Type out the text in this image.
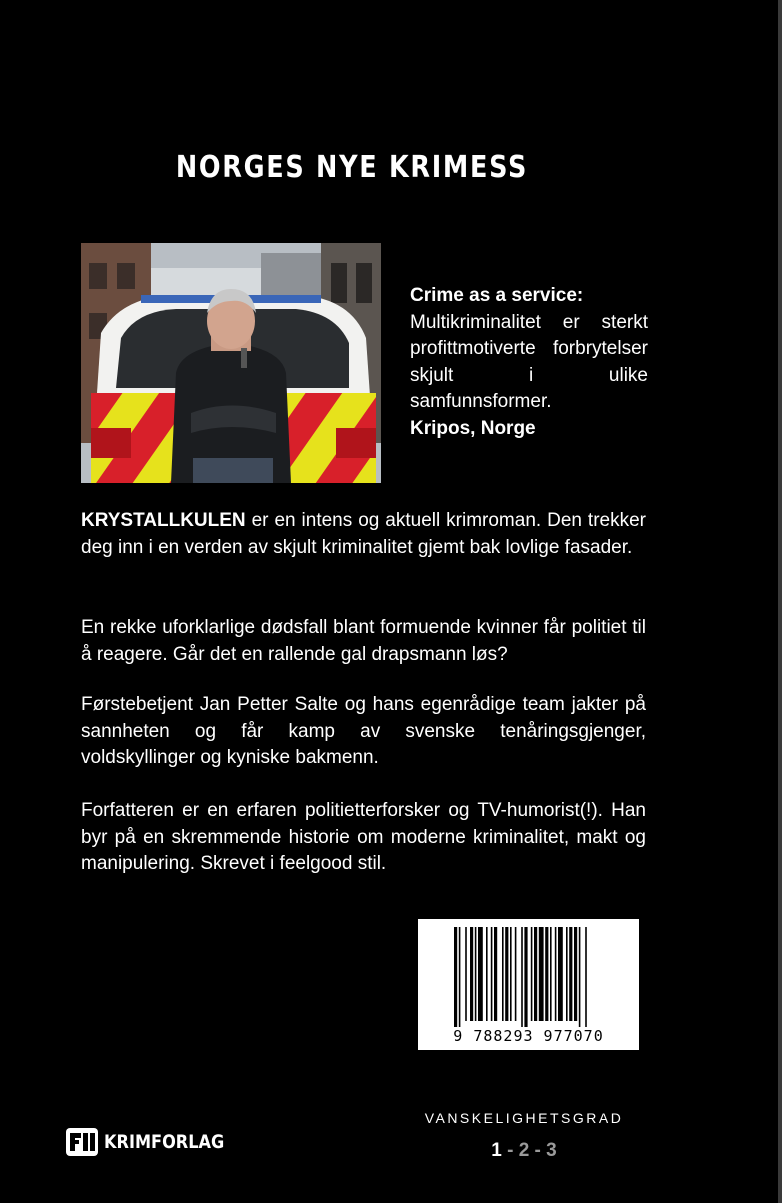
NORGES NYE KRIMESS
Crime as a service:
Multikriminalitet er sterkt profittmotiverte forbrytelser skjult i ulike samfunnsformer.
Kripos, Norge
KRYSTALLKULEN er en intens og aktuell krimroman. Den trekker deg inn i en verden av skjult kriminalitet gjemt bak lovlige fasader.
En rekke uforklarlige dødsfall blant formuende kvinner får politiet til å reagere. Går det en rallende gal drapsmann løs?
Førstebetjent Jan Petter Salte og hans egenrådige team jakter på sannheten og får kamp av svenske tenåringsgjenger, voldskyllinger og kyniske bakmenn.
Forfatteren er en erfaren politietterforsker og TV-humorist(!). Han byr på en skremmende historie om moderne kriminalitet, makt og manipulering. Skrevet i feelgood stil.
9 788293 977070
KRIMFORLAG
VANSKELIGHETSGRAD
1 - 2 - 3
